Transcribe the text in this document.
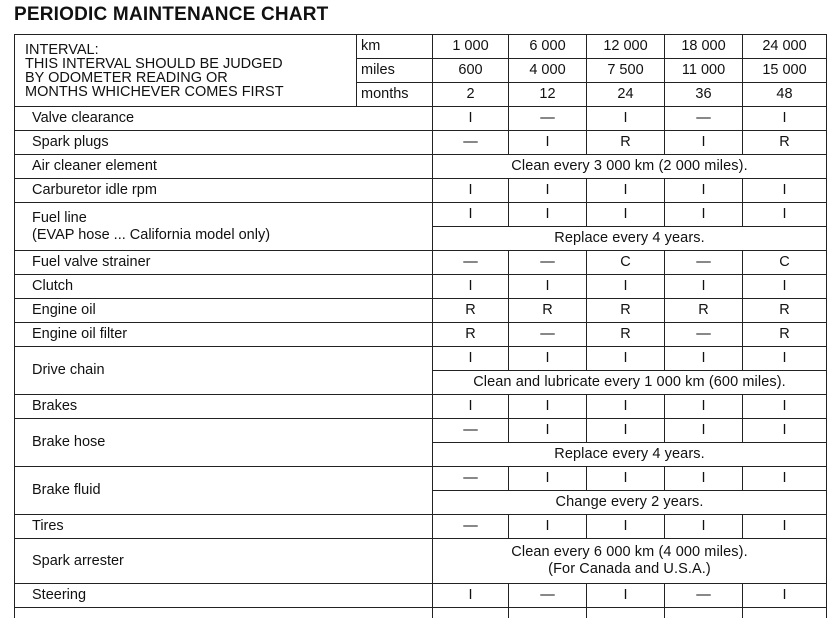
PERIODIC MAINTENANCE CHART
INTERVAL:
THIS INTERVAL SHOULD BE JUDGED
BY ODOMETER READING OR
MONTHS WHICHEVER COMES FIRST	km	1 000	6 000	12 000	18 000	24 000
	miles	600	4 000	7 500	11 000	15 000
	months	2	12	24	36	48
Valve clearance		I	—	I	—	I
Spark plugs		—	I	R	I	R
Air cleaner element		Clean every 3 000 km (2 000 miles).				
Carburetor idle rpm		I	I	I	I	I

Fuel line
(EVAP hose ... California model only)		I	I	I	I	I
		Replace every 4 years.				
Fuel valve strainer		—	—	C	—	C
Clutch		I	I	I	I	I
Engine oil		R	R	R	R	R
Engine oil filter		R	—	R	—	R
Drive chain		I	I	I	I	I
		Clean and lubricate every 1 000 km (600 miles).				
Brakes		I	I	I	I	I
Brake hose		—	I	I	I	I
		Replace every 4 years.				
Brake fluid		—	I	I	I	I
		Change every 2 years.				
Tires		—	I	I	I	I
Spark arrester		Clean every 6 000 km (4 000 miles).
(For Canada and U.S.A.)				

Steering		I	—	I	—	I
